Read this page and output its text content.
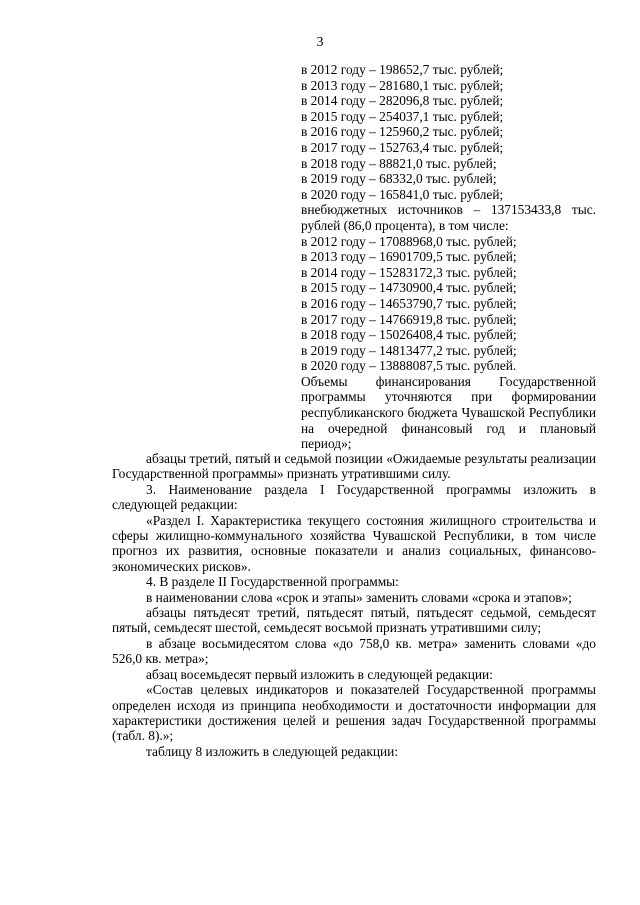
3
в 2012 году – 198652,7 тыс. рублей;
в 2013 году – 281680,1 тыс. рублей;
в 2014 году – 282096,8 тыс. рублей;
в 2015 году – 254037,1 тыс. рублей;
в 2016 году – 125960,2 тыс. рублей;
в 2017 году – 152763,4 тыс. рублей;
в 2018 году – 88821,0 тыс. рублей;
в 2019 году – 68332,0 тыс. рублей;
в 2020 году – 165841,0 тыс. рублей;
внебюджетных источников – 137153433,8 тыс. рублей (86,0 процента), в том числе:
в 2012 году – 17088968,0 тыс. рублей;
в 2013 году – 16901709,5 тыс. рублей;
в 2014 году – 15283172,3 тыс. рублей;
в 2015 году – 14730900,4 тыс. рублей;
в 2016 году – 14653790,7 тыс. рублей;
в 2017 году – 14766919,8 тыс. рублей;
в 2018 году – 15026408,4 тыс. рублей;
в 2019 году – 14813477,2 тыс. рублей;
в 2020 году – 13888087,5 тыс. рублей.
Объемы финансирования Государственной программы уточняются при формировании республиканского бюджета Чувашской Республики на очередной финансовый год и плановый период»;

абзацы третий, пятый и седьмой позиции «Ожидаемые результаты реализации Государственной программы» признать утратившими силу.

3. Наименование раздела I Государственной программы изложить в следующей редакции:

«Раздел I. Характеристика текущего состояния жилищного строительства и сферы жилищно-коммунального хозяйства Чувашской Республики, в том числе прогноз их развития, основные показатели и анализ социальных, финансово-экономических рисков».

4. В разделе II Государственной программы:

в наименовании слова «срок и этапы» заменить словами «срока и этапов»;

абзацы пятьдесят третий, пятьдесят пятый, пятьдесят седьмой, семьдесят пятый, семьдесят шестой, семьдесят восьмой признать утратившими силу;

в абзаце восьмидесятом слова «до 758,0 кв. метра» заменить словами «до 526,0 кв. метра»;

абзац восемьдесят первый изложить в следующей редакции:

«Состав целевых индикаторов и показателей Государственной программы определен исходя из принципа необходимости и достаточности информации для характеристики достижения целей и решения задач Государственной программы (табл. 8).»;

таблицу 8 изложить в следующей редакции:
